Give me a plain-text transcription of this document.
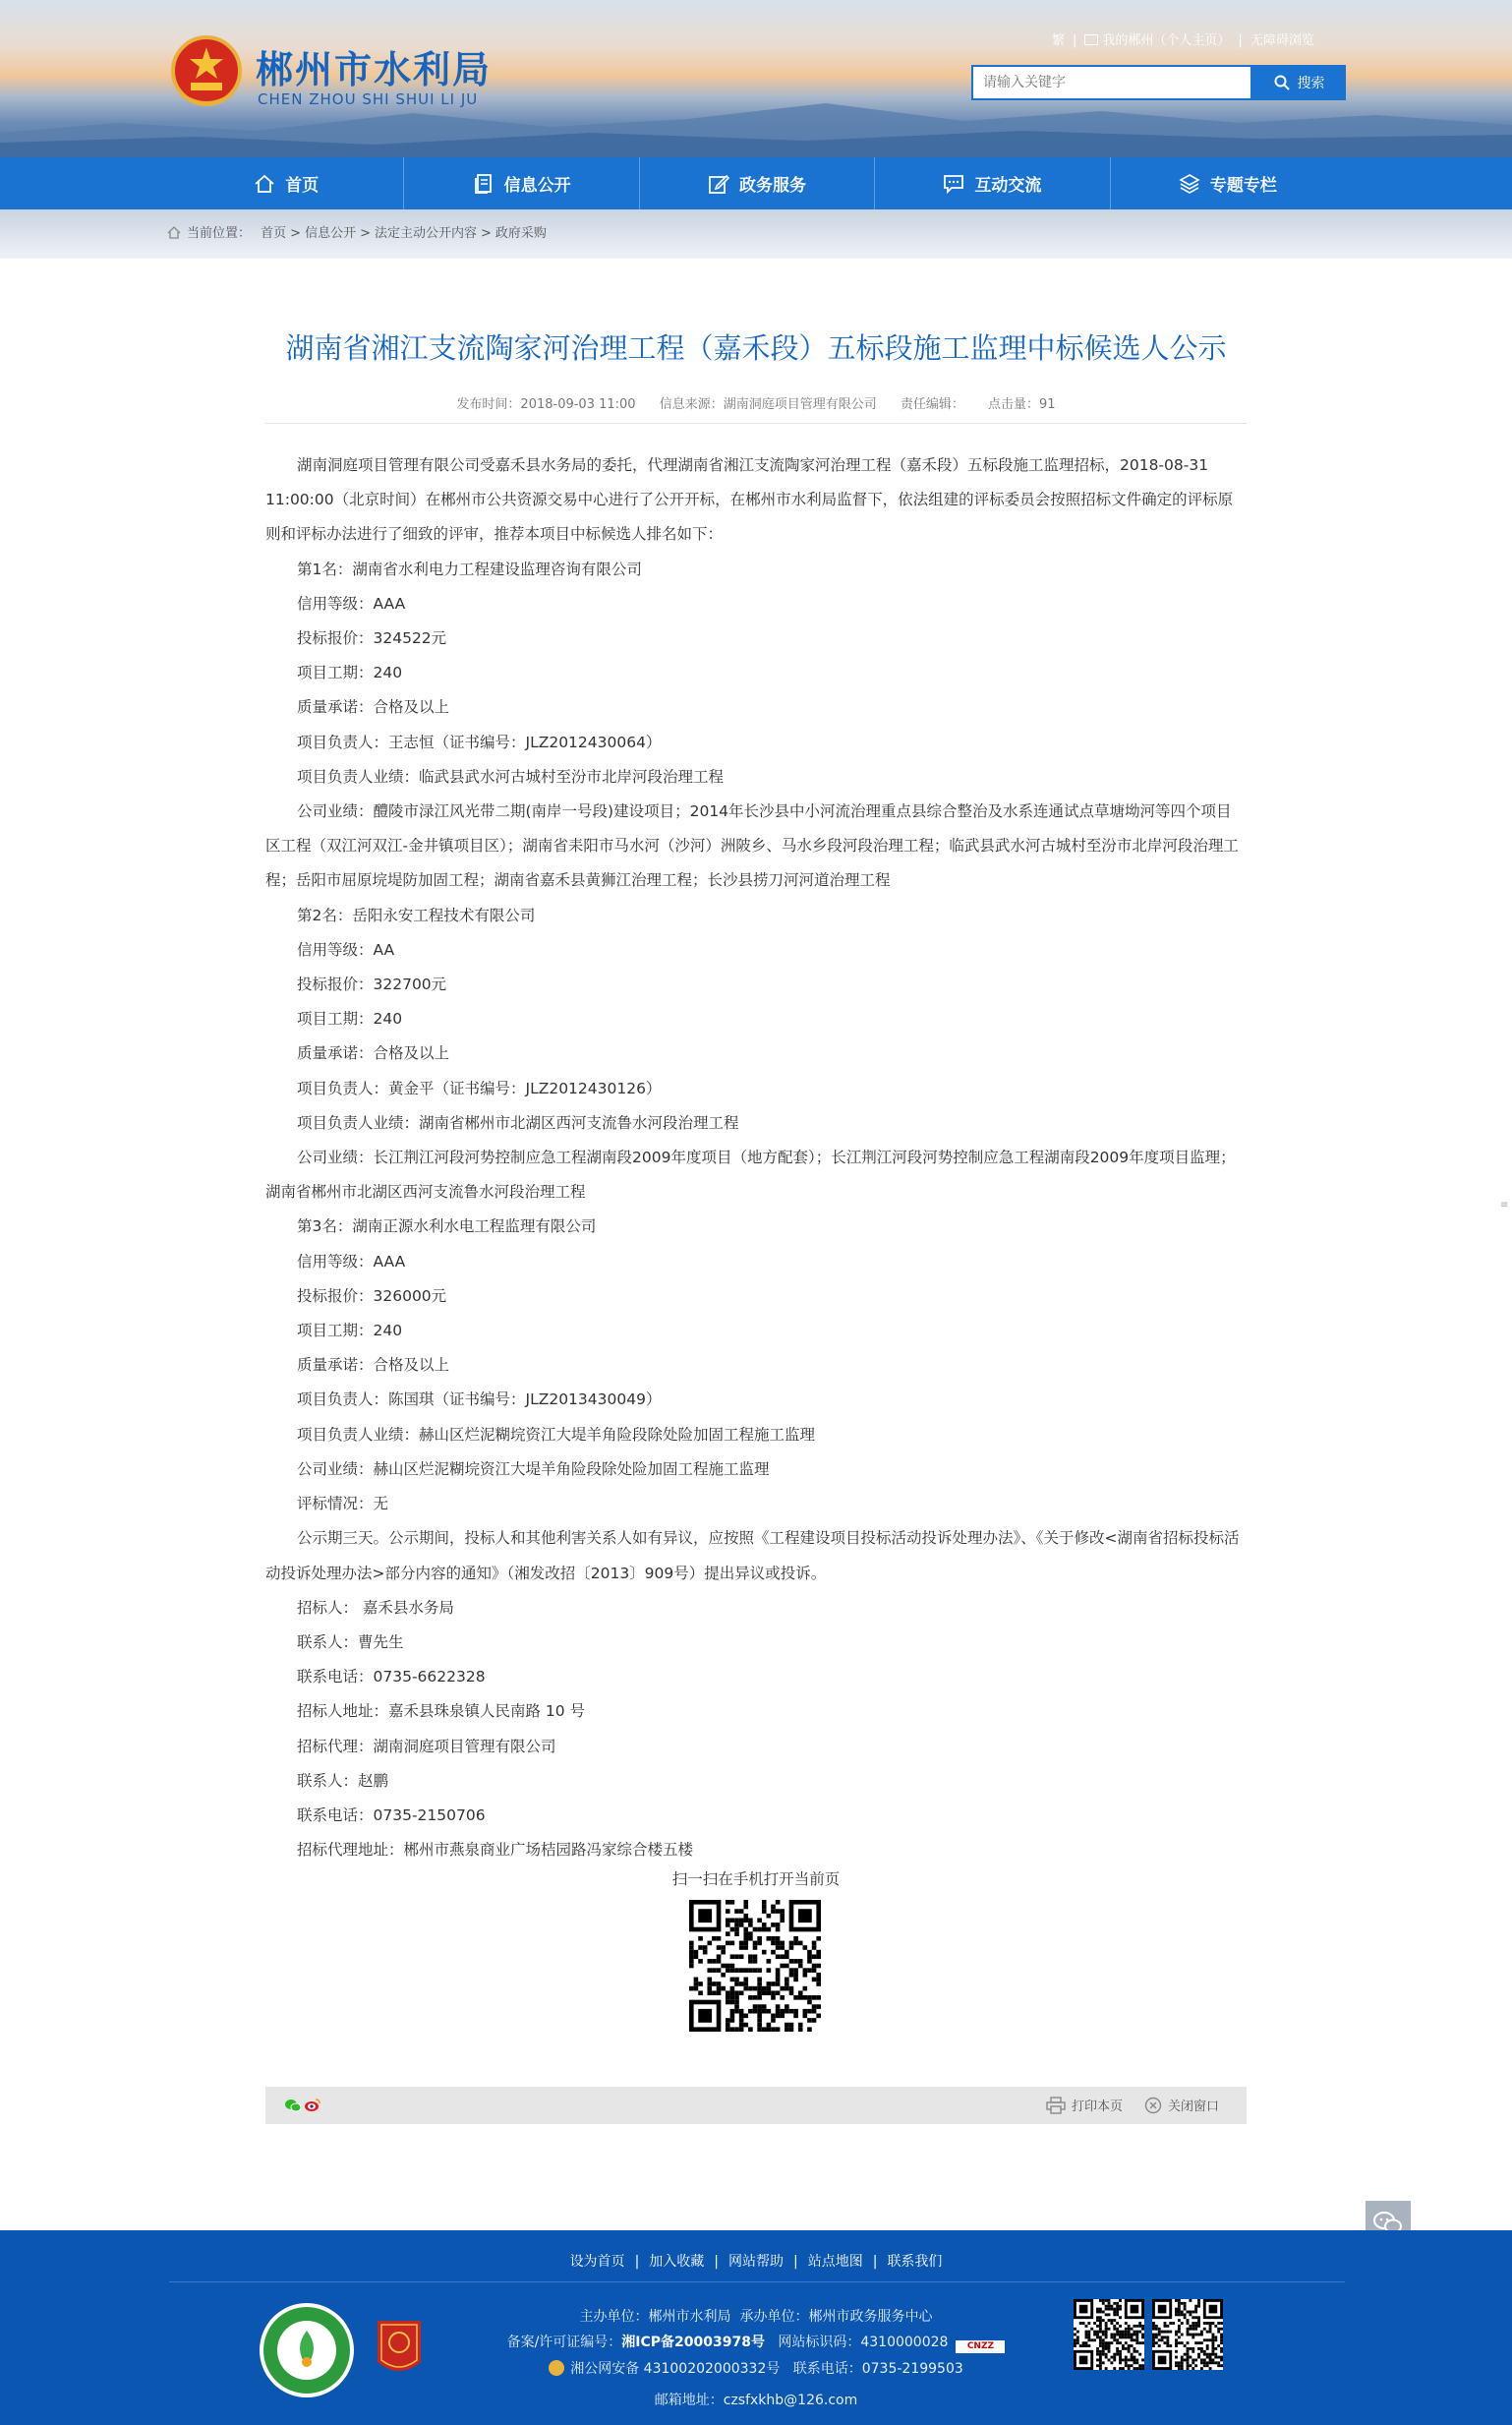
郴州市水利局
CHEN ZHOU SHI SHUI LI JU
繁 | 我的郴州（个人主页） | 无障碍浏览
请输入关键字
搜索
首页	信息公开	政务服务	互动交流	专题专栏
当前位置： 首页 > 信息公开 > 法定主动公开内容 > 政府采购
湖南省湘江支流陶家河治理工程（嘉禾段）五标段施工监理中标候选人公示
发布时间：2018-09-03 11:00 信息来源：湖南洞庭项目管理有限公司 责任编辑： 点击量：91

湖南洞庭项目管理有限公司受嘉禾县水务局的委托，代理湖南省湘江支流陶家河治理工程（嘉禾段）五标段施工监理招标，2018-08-31 11:00:00（北京时间）在郴州市公共资源交易中心进行了公开开标，在郴州市水利局监督下，依法组建的评标委员会按照招标文件确定的评标原则和评标办法进行了细致的评审，推荐本项目中标候选人排名如下：

第1名：湖南省水利电力工程建设监理咨询有限公司

信用等级：AAA

投标报价：324522元

项目工期：240

质量承诺：合格及以上

项目负责人：王志恒（证书编号：JLZ2012430064）

项目负责人业绩：临武县武水河古城村至汾市北岸河段治理工程

公司业绩：醴陵市渌江风光带二期(南岸一号段)建设项目；2014年长沙县中小河流治理重点县综合整治及水系连通试点草塘坳河等四个项目区工程（双江河双江-金井镇项目区）；湖南省耒阳市马水河（沙河）洲陂乡、马水乡段河段治理工程；临武县武水河古城村至汾市北岸河段治理工程；岳阳市屈原垸堤防加固工程；湖南省嘉禾县黄狮江治理工程；长沙县捞刀河河道治理工程

第2名：岳阳永安工程技术有限公司

信用等级：AA

投标报价：322700元

项目工期：240

质量承诺：合格及以上

项目负责人：黄金平（证书编号：JLZ2012430126）

项目负责人业绩：湖南省郴州市北湖区西河支流鲁水河段治理工程

公司业绩：长江荆江河段河势控制应急工程湖南段2009年度项目（地方配套）；长江荆江河段河势控制应急工程湖南段2009年度项目监理；湖南省郴州市北湖区西河支流鲁水河段治理工程

第3名：湖南正源水利水电工程监理有限公司

信用等级：AAA

投标报价：326000元

项目工期：240

质量承诺：合格及以上

项目负责人：陈国琪（证书编号：JLZ2013430049）

项目负责人业绩：赫山区烂泥糊垸资江大堤羊角险段除处险加固工程施工监理

公司业绩：赫山区烂泥糊垸资江大堤羊角险段除处险加固工程施工监理

评标情况：无

公示期三天。公示期间，投标人和其他利害关系人如有异议，应按照《工程建设项目投标活动投诉处理办法》、《关于修改<湖南省招标投标活动投诉处理办法>部分内容的通知》（湘发改招〔2013〕909号）提出异议或投诉。

招标人： 嘉禾县水务局

联系人：曹先生

联系电话：0735-6622328

招标人地址：嘉禾县珠泉镇人民南路 10 号

招标代理：湖南洞庭项目管理有限公司

联系人：赵鹏

联系电话：0735-2150706

招标代理地址：郴州市燕泉商业广场桔园路冯家综合楼五楼

扫一扫在手机打开当前页
打印本页	关闭窗口
设为首页 | 加入收藏 | 网站帮助 | 站点地图 | 联系我们
主办单位：郴州市水利局 承办单位：郴州市政务服务中心
备案/许可证编号：湘ICP备20003978号 网站标识码：4310000028 CNZZ
湘公网安备 43100202000332号 联系电话：0735-2199503
邮箱地址：czsfxkhb@126.com
≡
